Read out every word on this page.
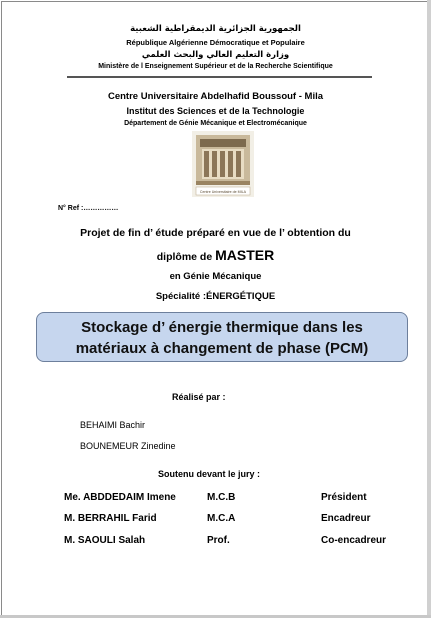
الجمهورية الجزائرية الديمقراطية الشعبية
République Algérienne Démocratique et Populaire
وزارة التعليم العالي والبحث العلمي
Ministère de l Enseignement Supérieur et de la Recherche Scientifique
Centre Universitaire Abdelhafid Boussouf - Mila
Institut des Sciences et de la Technologie
Département de Génie Mécanique et Electromécanique
Centre Universitaire de MILA
N° Ref :……………
Projet de fin d’ étude préparé en vue de l’ obtention du
diplôme de MASTER
en Génie Mécanique
Spécialité :ÉNERGÉTIQUE
Stockage d’ énergie thermique dans les
matériaux à changement de phase (PCM)
Réalisé par :
BEHAIMI Bachir
BOUNEMEUR Zinedine
Soutenu devant le jury :
Me. ABDDEDAIM Imene	M.C.B	Président
M. BERRAHIL Farid	M.C.A	Encadreur
M. SAOULI Salah	Prof.	Co-encadreur
